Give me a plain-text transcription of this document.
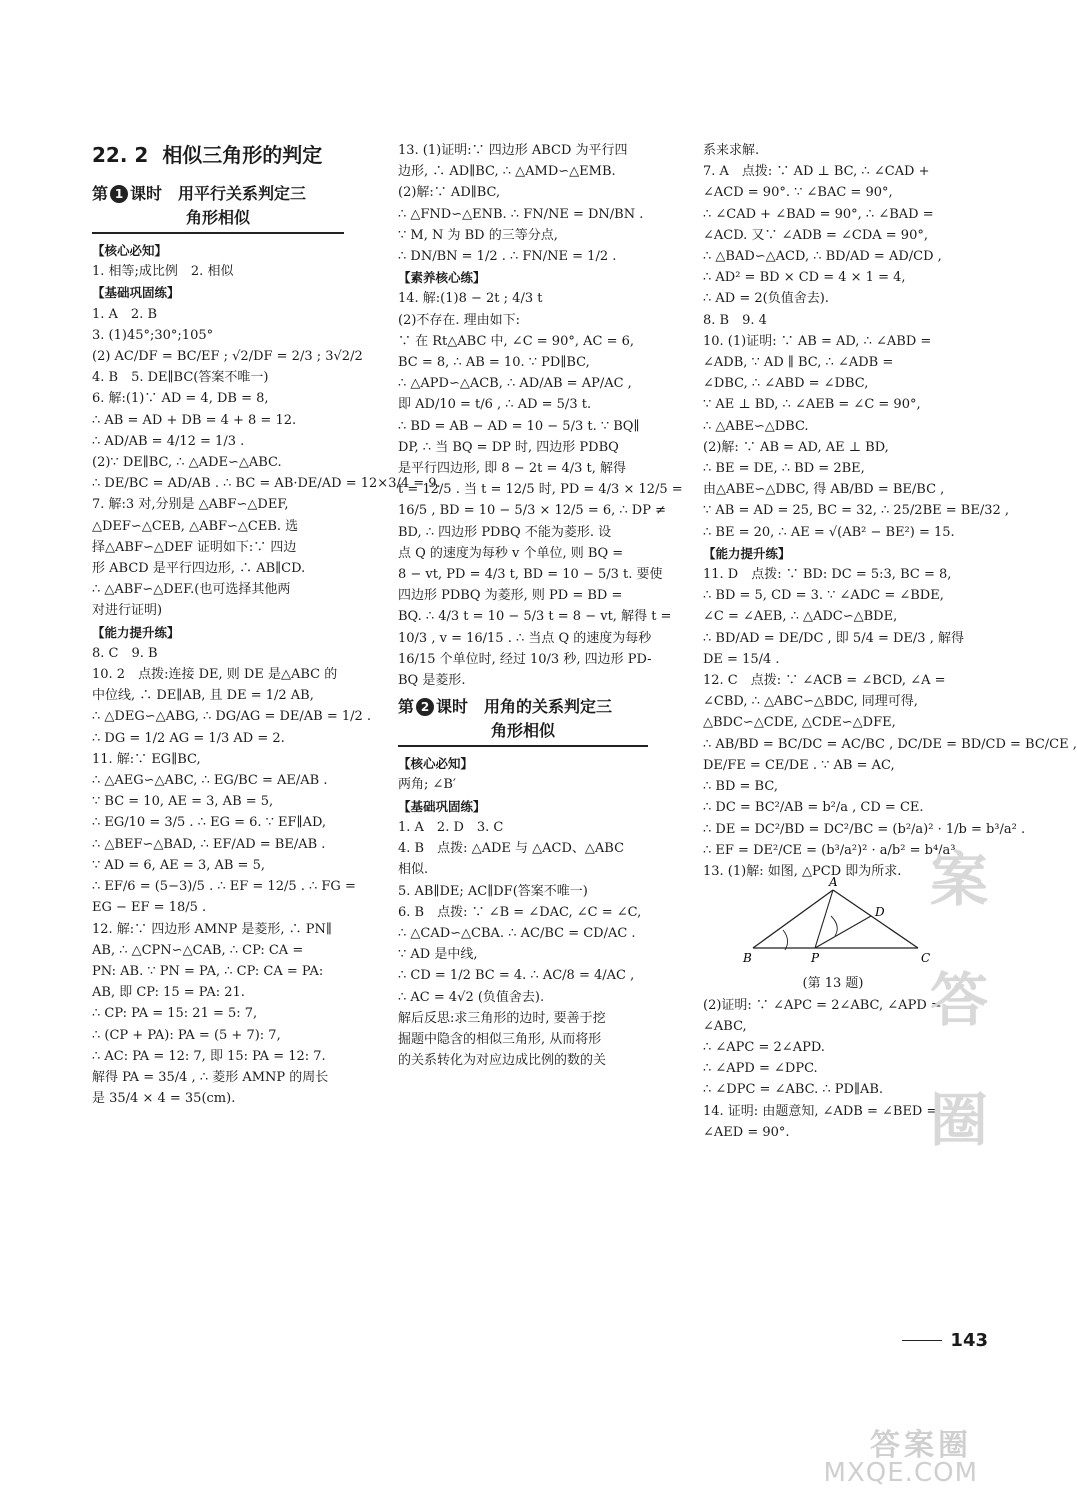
22. 2 相似三角形的判定
第 1 课时　用平行关系判定三
角形相似
【核心必知】
1. 相等;成比例　2. 相似
【基础巩固练】
1. A　2. B
3. (1)45°;30°;105°
(2) AC/DF = BC/EF ; √2/DF = 2/3 ; 3√2/2
4. B　5. DE∥BC(答案不唯一)
6. 解:(1)∵ AD = 4, DB = 8,
∴ AB = AD + DB = 4 + 8 = 12.
∴ AD/AB = 4/12 = 1/3 .
(2)∵ DE∥BC, ∴ △ADE∽△ABC.
∴ DE/BC = AD/AB . ∴ BC = AB·DE/AD = 12×3/4 = 9.
7. 解:3 对,分别是 △ABF∽△DEF,
△DEF∽△CEB, △ABF∽△CEB. 选
择△ABF∽△DEF 证明如下:∵ 四边
形 ABCD 是平行四边形, ∴ AB∥CD.
∴ △ABF∽△DEF.(也可选择其他两
对进行证明)
【能力提升练】
8. C　9. B
10. 2　点拨:连接 DE, 则 DE 是△ABC 的
中位线, ∴ DE∥AB, 且 DE = 1/2 AB,
∴ △DEG∽△ABG, ∴ DG/AG = DE/AB = 1/2 .
∴ DG = 1/2 AG = 1/3 AD = 2.
11. 解:∵ EG∥BC,
∴ △AEG∽△ABC, ∴ EG/BC = AE/AB .
∵ BC = 10, AE = 3, AB = 5,
∴ EG/10 = 3/5 . ∴ EG = 6. ∵ EF∥AD,
∴ △BEF∽△BAD, ∴ EF/AD = BE/AB .
∵ AD = 6, AE = 3, AB = 5,
∴ EF/6 = (5−3)/5 . ∴ EF = 12/5 . ∴ FG =
EG − EF = 18/5 .
12. 解:∵ 四边形 AMNP 是菱形, ∴ PN∥
AB, ∴ △CPN∽△CAB, ∴ CP: CA =
PN: AB. ∵ PN = PA, ∴ CP: CA = PA:
AB, 即 CP: 15 = PA: 21.
∴ CP: PA = 15: 21 = 5: 7,
∴ (CP + PA): PA = (5 + 7): 7,
∴ AC: PA = 12: 7, 即 15: PA = 12: 7.
解得 PA = 35/4 , ∴ 菱形 AMNP 的周长
是 35/4 × 4 = 35(cm).
13. (1)证明:∵ 四边形 ABCD 为平行四
边形, ∴ AD∥BC, ∴ △AMD∽△EMB.
(2)解:∵ AD∥BC,
∴ △FND∽△ENB. ∴ FN/NE = DN/BN .
∵ M, N 为 BD 的三等分点,
∴ DN/BN = 1/2 . ∴ FN/NE = 1/2 .
【素养核心练】
14. 解:(1)8 − 2t ; 4/3 t
(2)不存在. 理由如下:
∵ 在 Rt△ABC 中, ∠C = 90°, AC = 6,
BC = 8, ∴ AB = 10. ∵ PD∥BC,
∴ △APD∽△ACB, ∴ AD/AB = AP/AC ,
即 AD/10 = t/6 , ∴ AD = 5/3 t.
∴ BD = AB − AD = 10 − 5/3 t. ∵ BQ∥
DP, ∴ 当 BQ = DP 时, 四边形 PDBQ
是平行四边形, 即 8 − 2t = 4/3 t, 解得
t = 12/5 . 当 t = 12/5 时, PD = 4/3 × 12/5 =
16/5 , BD = 10 − 5/3 × 12/5 = 6, ∴ DP ≠
BD, ∴ 四边形 PDBQ 不能为菱形. 设
点 Q 的速度为每秒 v 个单位, 则 BQ =
8 − vt, PD = 4/3 t, BD = 10 − 5/3 t. 要使
四边形 PDBQ 为菱形, 则 PD = BD =
BQ. ∴ 4/3 t = 10 − 5/3 t = 8 − vt, 解得 t =
10/3 , v = 16/15 . ∴ 当点 Q 的速度为每秒
16/15 个单位时, 经过 10/3 秒, 四边形 PD-
BQ 是菱形.
第 2 课时　用角的关系判定三
角形相似
【核心必知】
两角; ∠B′
【基础巩固练】
1. A　2. D　3. C
4. B　点拨: △ADE 与 △ACD、△ABC
相似.
5. AB∥DE; AC∥DF(答案不唯一)
6. B　点拨: ∵ ∠B = ∠DAC, ∠C = ∠C,
∴ △CAD∽△CBA. ∴ AC/BC = CD/AC .
∵ AD 是中线,
∴ CD = 1/2 BC = 4. ∴ AC/8 = 4/AC ,
∴ AC = 4√2 (负值舍去).
解后反思:求三角形的边时, 要善于挖
掘题中隐含的相似三角形, 从而将形
的关系转化为对应边成比例的数的关
系来求解.
7. A　点拨: ∵ AD ⊥ BC, ∴ ∠CAD +
∠ACD = 90°. ∵ ∠BAC = 90°,
∴ ∠CAD + ∠BAD = 90°, ∴ ∠BAD =
∠ACD. 又∵ ∠ADB = ∠CDA = 90°,
∴ △BAD∽△ACD, ∴ BD/AD = AD/CD ,
∴ AD² = BD × CD = 4 × 1 = 4,
∴ AD = 2(负值舍去).
8. B　9. 4
10. (1)证明: ∵ AB = AD, ∴ ∠ABD =
∠ADB, ∵ AD ∥ BC, ∴ ∠ADB =
∠DBC, ∴ ∠ABD = ∠DBC,
∵ AE ⊥ BD, ∴ ∠AEB = ∠C = 90°,
∴ △ABE∽△DBC.
(2)解: ∵ AB = AD, AE ⊥ BD,
∴ BE = DE, ∴ BD = 2BE,
由△ABE∽△DBC, 得 AB/BD = BE/BC ,
∵ AB = AD = 25, BC = 32, ∴ 25/2BE = BE/32 ,
∴ BE = 20, ∴ AE = √(AB² − BE²) = 15.
【能力提升练】
11. D　点拨: ∵ BD: DC = 5:3, BC = 8,
∴ BD = 5, CD = 3. ∵ ∠ADC = ∠BDE,
∠C = ∠AEB, ∴ △ADC∽△BDE,
∴ BD/AD = DE/DC , 即 5/4 = DE/3 , 解得
DE = 15/4 .
12. C　点拨: ∵ ∠ACB = ∠BCD, ∠A =
∠CBD, ∴ △ABC∽△BDC, 同理可得,
△BDC∽△CDE, △CDE∽△DFE,
∴ AB/BD = BC/DC = AC/BC , DC/DE = BD/CD = BC/CE ,
DE/FE = CE/DE . ∵ AB = AC,
∴ BD = BC,
∴ DC = BC²/AB = b²/a , CD = CE.
∴ DE = DC²/BD = DC²/BC = (b²/a)² · 1/b = b³/a² .
∴ EF = DE²/CE = (b³/a²)² · a/b² = b⁴/a³ .
13. (1)解: 如图, △PCD 即为所求.
A
B	C
D
P
(第 13 题)
(2)证明: ∵ ∠APC = 2∠ABC, ∠APD =
∠ABC,
∴ ∠APC = 2∠APD.
∴ ∠APD = ∠DPC.
∴ ∠DPC = ∠ABC. ∴ PD∥AB.
14. 证明: 由题意知, ∠ADB = ∠BED =
∠AED = 90°.
案 答 圈
143
答案圈
MXQE.COM
